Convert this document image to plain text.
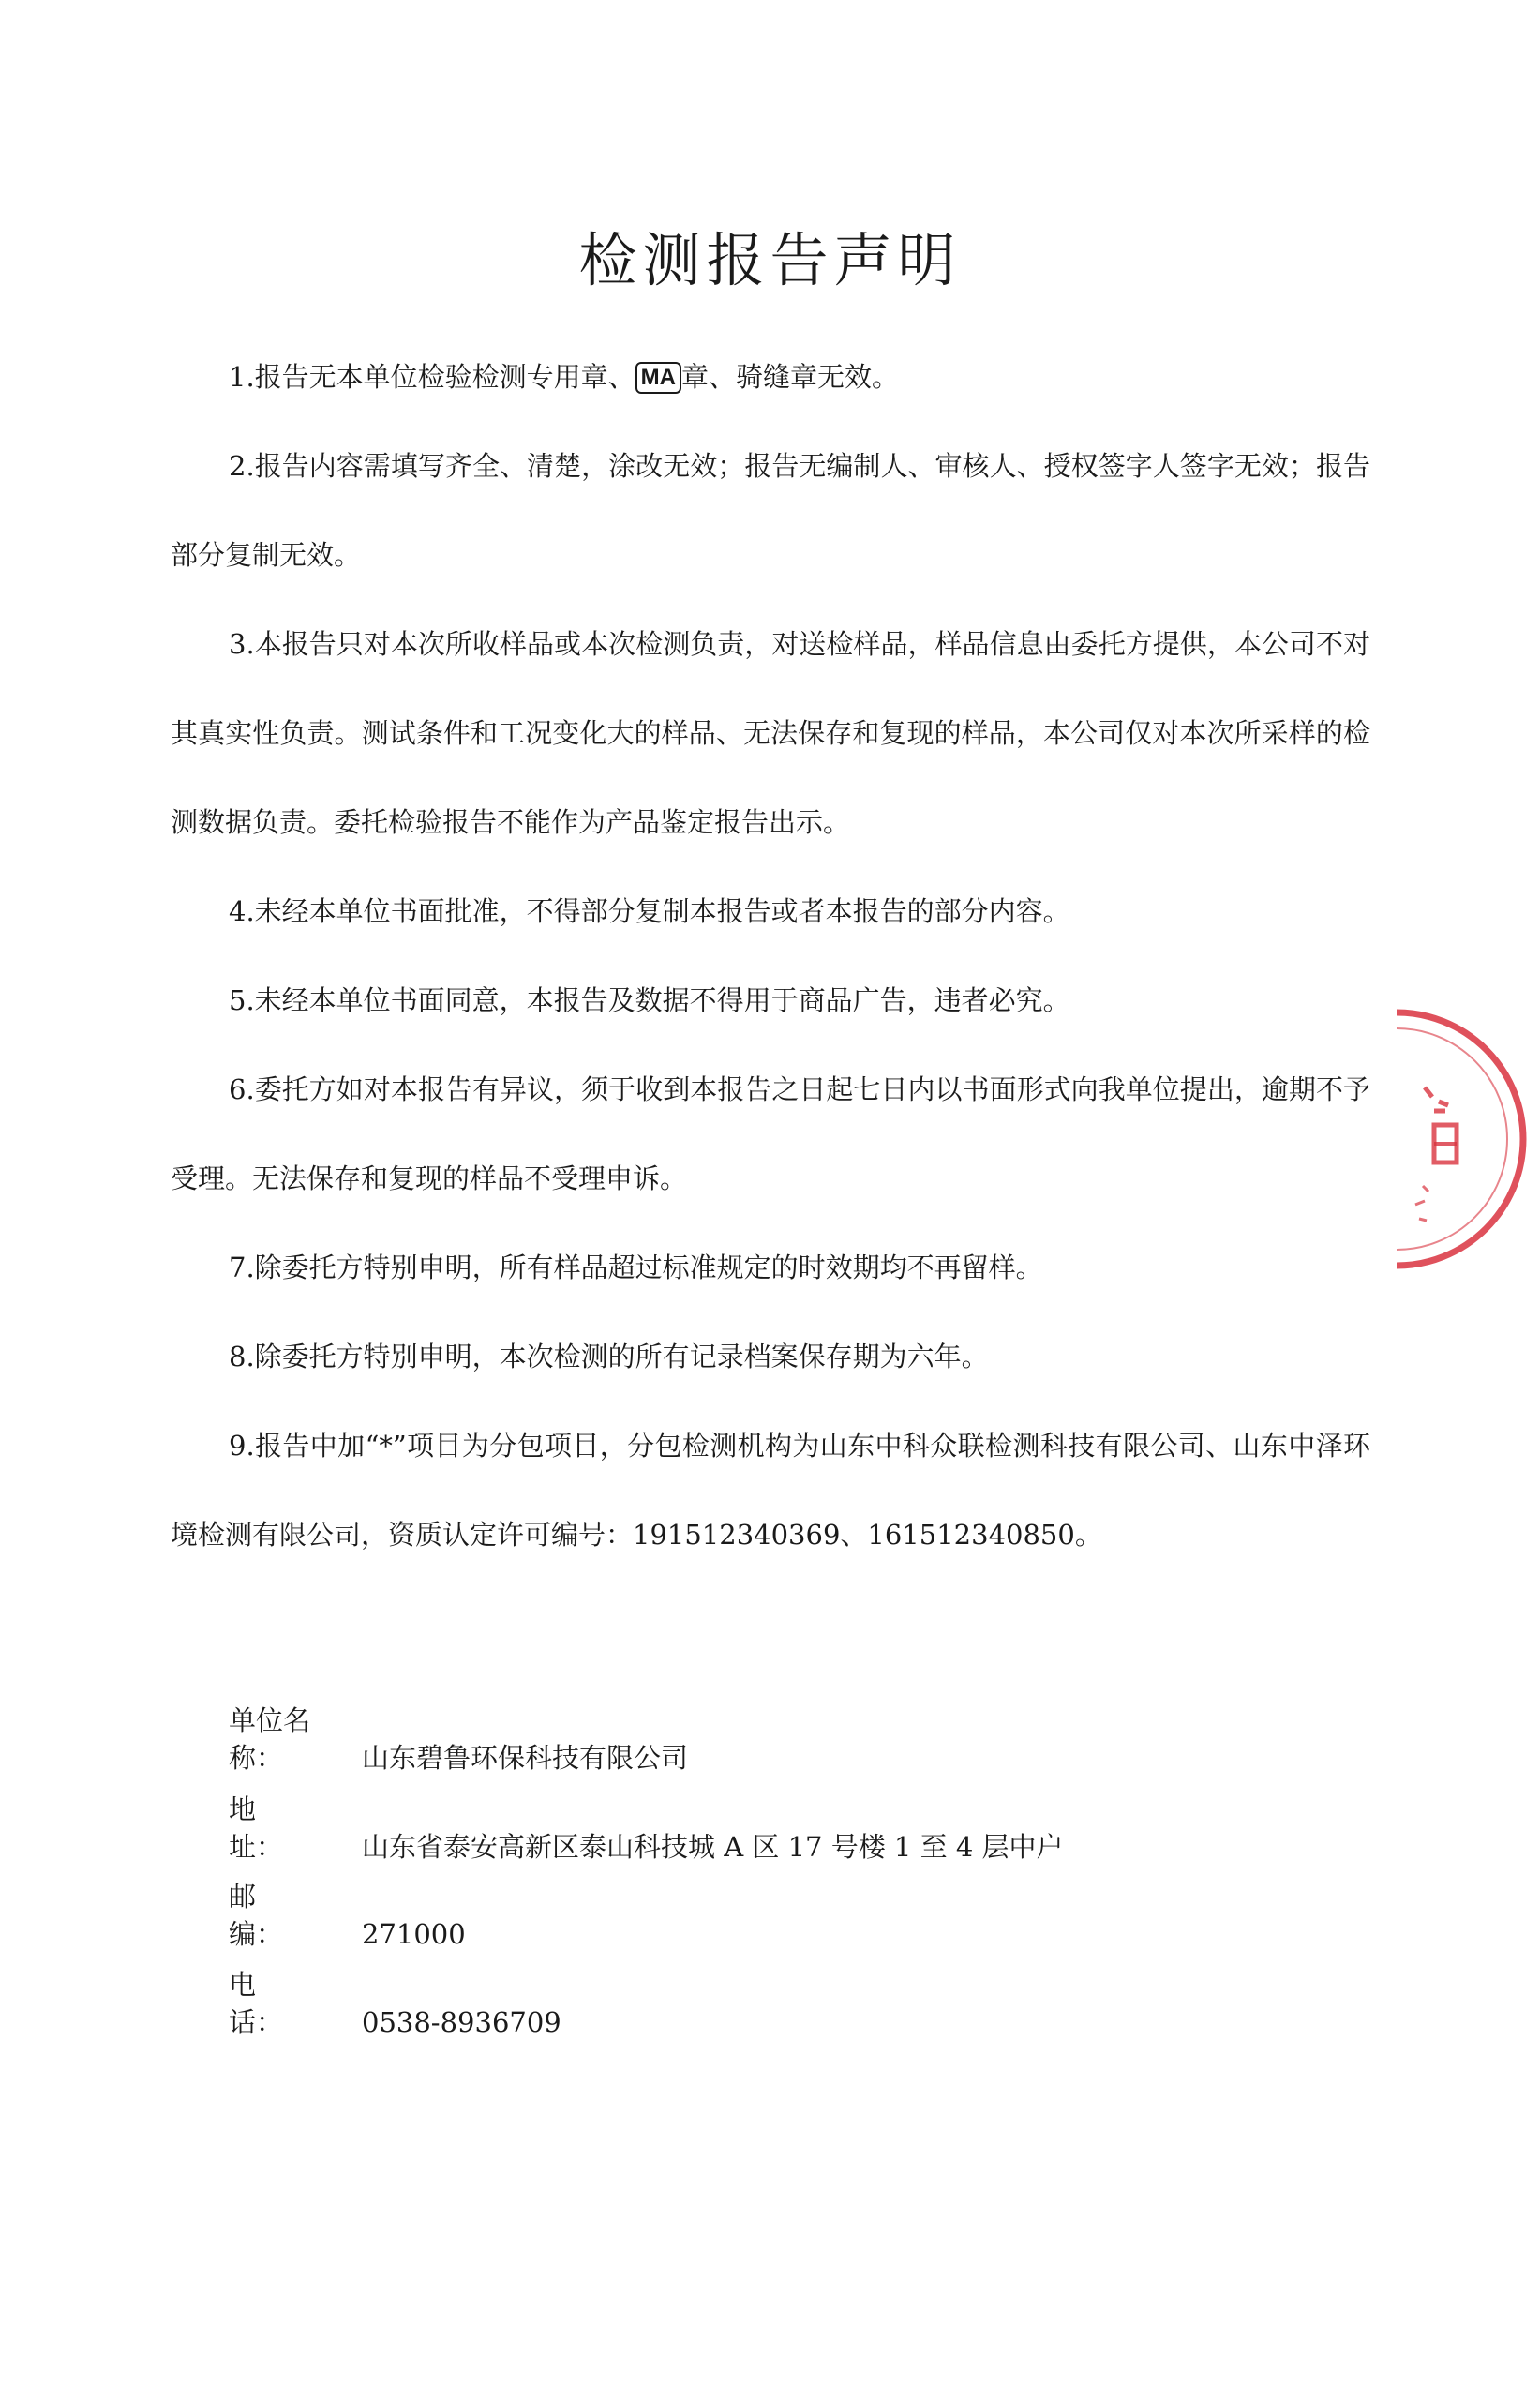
检测报告声明
1.报告无本单位检验检测专用章、 MA 章、骑缝章无效。
2.报告内容需填写齐全、清楚，涂改无效；报告无编制人、审核人、授权签字人签字无效；报告部分复制无效。
3.本报告只对本次所收样品或本次检测负责，对送检样品，样品信息由委托方提供，本公司不对其真实性负责。测试条件和工况变化大的样品、无法保存和复现的样品，本公司仅对本次所采样的检测数据负责。委托检验报告不能作为产品鉴定报告出示。
4.未经本单位书面批准，不得部分复制本报告或者本报告的部分内容。
5.未经本单位书面同意，本报告及数据不得用于商品广告，违者必究。
6.委托方如对本报告有异议，须于收到本报告之日起七日内以书面形式向我单位提出，逾期不予受理。无法保存和复现的样品不受理申诉。
7.除委托方特别申明，所有样品超过标准规定的时效期均不再留样。
8.除委托方特别申明，本次检测的所有记录档案保存期为六年。
9.报告中加“*”项目为分包项目，分包检测机构为山东中科众联检测科技有限公司、山东中泽环境检测有限公司，资质认定许可编号：191512340369、161512340850。
单位名称：	山东碧鲁环保科技有限公司
地　　址：	山东省泰安高新区泰山科技城 A 区 17 号楼 1 至 4 层中户
邮　　编：	271000
电　　话：	0538-8936709
